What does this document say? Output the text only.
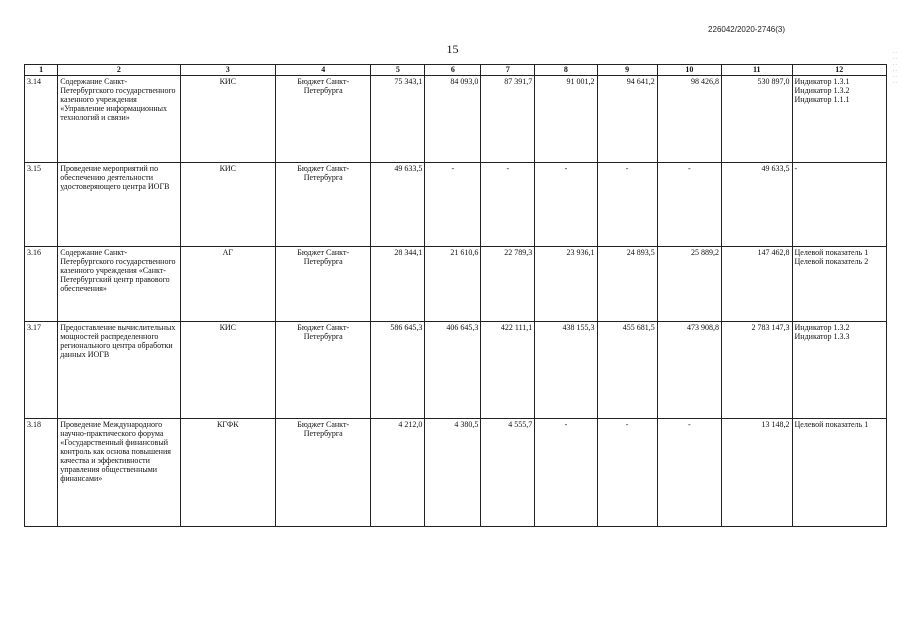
226042/2020-2746(3)
15	. . . . . . . . . . . .
1	2	3	4	5	6	7	8	9	10	11	12
3.14	Содержание Санкт-Петербургского государственного казенного учреждения «Управление информационных технологий и связи»	КИС	Бюджет Санкт-Петербурга	75 343,1	84 093,0	87 391,7	91 001,2	94 641,2	98 426,8	530 897,0	Индикатор 1.3.1
Индикатор 1.3.2
Индикатор 1.1.1

3.15	Проведение мероприятий по обеспечению деятельности удостоверяющего центра ИОГВ	КИС	Бюджет Санкт-Петербурга	49 633,5	-	-	-	-	-	49 633,5	-

3.16	Содержание Санкт-Петербургского государственного казенного учреждения «Санкт-Петербургский центр правового обеспечения»	АГ	Бюджет Санкт-Петербурга	28 344,1	21 610,6	22 789,3	23 936,1	24 893,5	25 889,2	147 462,8	Целевой показатель 1
Целевой показатель 2

3.17	Предоставление вычислительных мощностей распределенного регионального центра обработки данных ИОГВ	КИС	Бюджет Санкт-Петербурга	586 645,3	406 645,3	422 111,1	438 155,3	455 681,5	473 908,8	2 783 147,3	Индикатор 1.3.2
Индикатор 1.3.3

3.18	Проведение Международного научно-практического форума «Государственный финансовый контроль как основа повышения качества и эффективности управления общественными финансами»	КГФК	Бюджет Санкт-Петербурга	4 212,0	4 380,5	4 555,7	-	-	-	13 148,2	Целевой показатель 1
